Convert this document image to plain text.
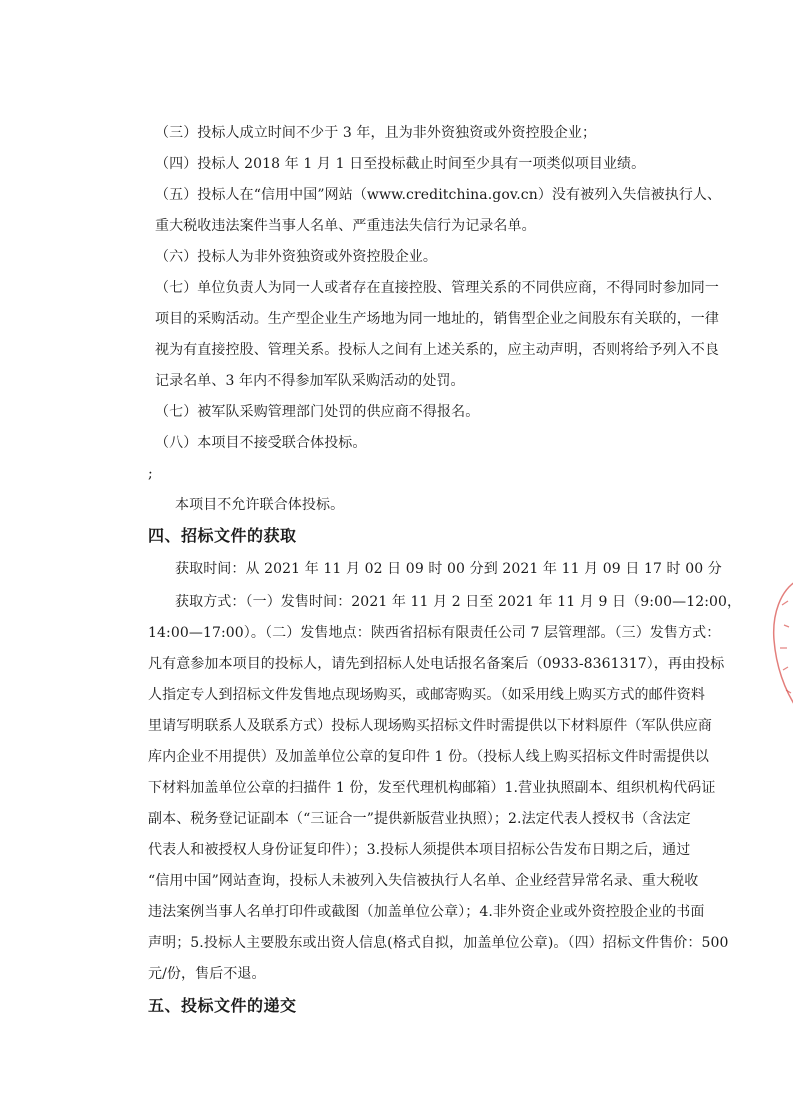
（三）投标人成立时间不少于 3 年，且为非外资独资或外资控股企业；
（四）投标人 2018 年 1 月 1 日至投标截止时间至少具有一项类似项目业绩。
（五）投标人在“信用中国”网站（www.creditchina.gov.cn）没有被列入失信被执行人、
重大税收违法案件当事人名单、严重违法失信行为记录名单。
（六）投标人为非外资独资或外资控股企业。
（七）单位负责人为同一人或者存在直接控股、管理关系的不同供应商，不得同时参加同一
项目的采购活动。生产型企业生产场地为同一地址的，销售型企业之间股东有关联的，一律
视为有直接控股、管理关系。投标人之间有上述关系的，应主动声明，否则将给予列入不良
记录名单、3 年内不得参加军队采购活动的处罚。
（七）被军队采购管理部门处罚的供应商不得报名。
（八）本项目不接受联合体投标。
;
本项目不允许联合体投标。
四、招标文件的获取
获取时间：从 2021 年 11 月 02 日 09 时 00 分到 2021 年 11 月 09 日 17 时 00 分
获取方式：（一）发售时间：2021 年 11 月 2 日至 2021 年 11 月 9 日（9:00—12:00，
14:00—17:00）。（二）发售地点：陕西省招标有限责任公司 7 层管理部。（三）发售方式：
凡有意参加本项目的投标人，请先到招标人处电话报名备案后（0933-8361317），再由投标
人指定专人到招标文件发售地点现场购买，或邮寄购买。（如采用线上购买方式的邮件资料
里请写明联系人及联系方式）投标人现场购买招标文件时需提供以下材料原件（军队供应商
库内企业不用提供）及加盖单位公章的复印件 1 份。（投标人线上购买招标文件时需提供以
下材料加盖单位公章的扫描件 1 份，发至代理机构邮箱）1.营业执照副本、组织机构代码证
副本、税务登记证副本（“三证合一”提供新版营业执照）；2.法定代表人授权书（含法定
代表人和被授权人身份证复印件）；3.投标人须提供本项目招标公告发布日期之后，通过
“信用中国”网站查询，投标人未被列入失信被执行人名单、企业经营异常名录、重大税收
违法案例当事人名单打印件或截图（加盖单位公章）；4.非外资企业或外资控股企业的书面
声明；5.投标人主要股东或出资人信息(格式自拟，加盖单位公章)。（四）招标文件售价：500
元/份，售后不退。
五、投标文件的递交
